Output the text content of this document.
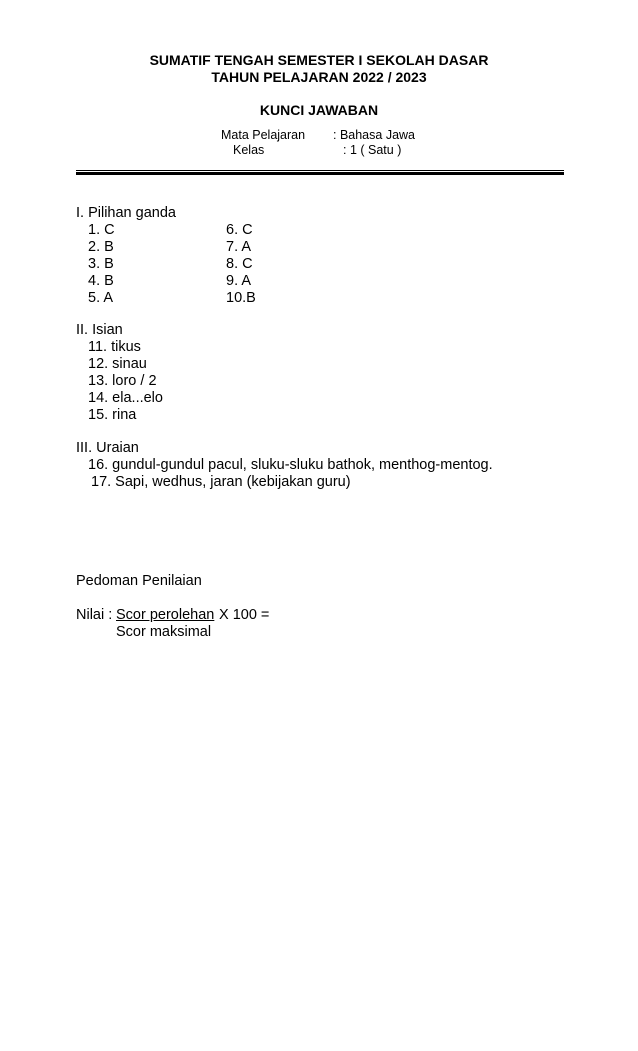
SUMATIF TENGAH SEMESTER I SEKOLAH DASAR
TAHUN PELAJARAN 2022 / 2023
KUNCI JAWABAN
Mata Pelajaran : Bahasa Jawa
Kelas	: 1 ( Satu )
I. Pilihan ganda
1. C
2. B
3. B
4. B
5. A
6. C
7. A
8. C
9. A
10.B
II. Isian
11. tikus
12. sinau
13. loro / 2
14. ela...elo
15. rina
III. Uraian
16. gundul-gundul pacul, sluku-sluku bathok, menthog-mentog.
17. Sapi, wedhus, jaran (kebijakan guru)
Pedoman Penilaian
Nilai : Scor perolehan X 100 =
Scor maksimal
